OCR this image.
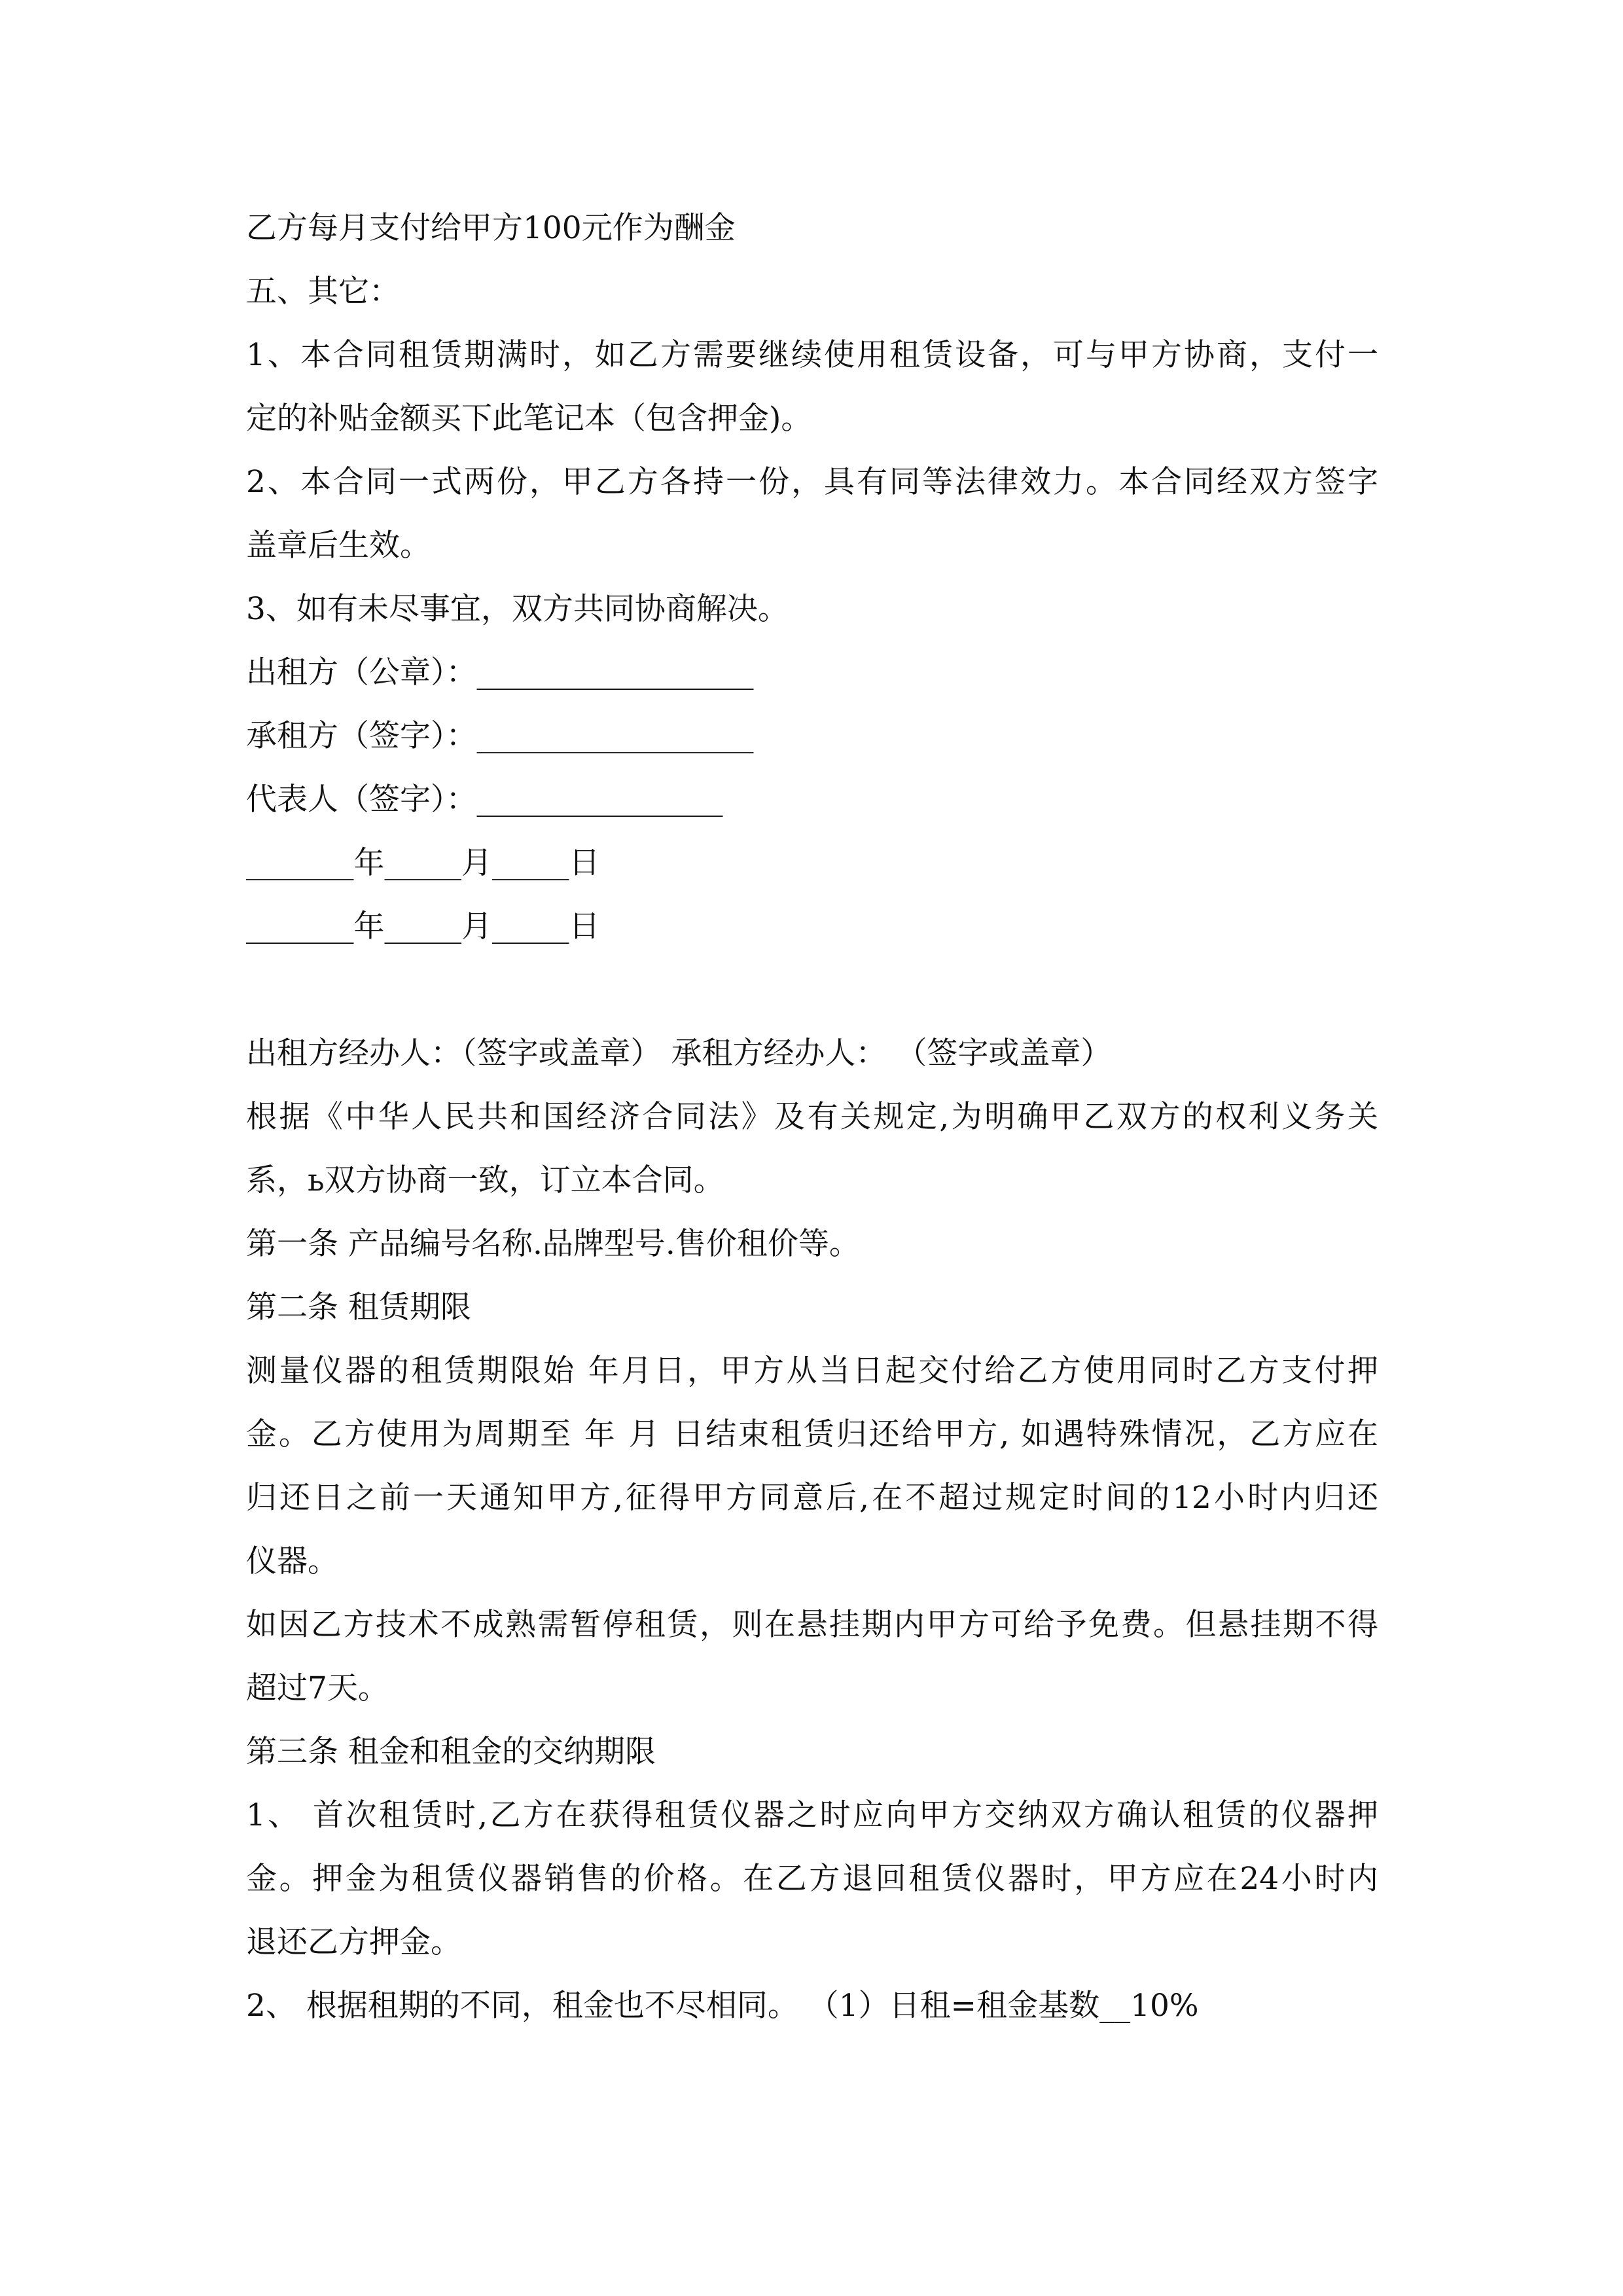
乙方每月支付给甲方100元作为酬金

五、其它：

1、本合同租赁期满时，如乙方需要继续使用租赁设备，可与甲方协商，支付一

定的补贴金额买下此笔记本（包含押金)。

2、本合同一式两份，甲乙方各持一份，具有同等法律效力。本合同经双方签字

盖章后生效。

3、如有未尽事宜，双方共同协商解决。

出租方（公章）：__________________

承租方（签字）：__________________

代表人（签字）：________________

_______年_____月_____日

_______年_____月_____日

出租方经办人：（签字或盖章） 承租方经办人： （签字或盖章）

根据《中华人民共和国经济合同法》及有关规定,为明确甲乙双方的权利义务关

系，ь双方协商一致，订立本合同。

第一条 产品编号名称.品牌型号.售价租价等。

第二条 租赁期限

测量仪器的租赁期限始 年月日，甲方从当日起交付给乙方使用同时乙方支付押

金。乙方使用为周期至 年 月 日结束租赁归还给甲方, 如遇特殊情况，乙方应在

归还日之前一天通知甲方,征得甲方同意后,在不超过规定时间的12小时内归还

仪器。

如因乙方技术不成熟需暂停租赁，则在悬挂期内甲方可给予免费。但悬挂期不得

超过7天。

第三条 租金和租金的交纳期限

1、 首次租赁时,乙方在获得租赁仪器之时应向甲方交纳双方确认租赁的仪器押

金。押金为租赁仪器销售的价格。在乙方退回租赁仪器时，甲方应在24小时内

退还乙方押金。

2、 根据租期的不同，租金也不尽相同。 （1）日租=租金基数__10%
